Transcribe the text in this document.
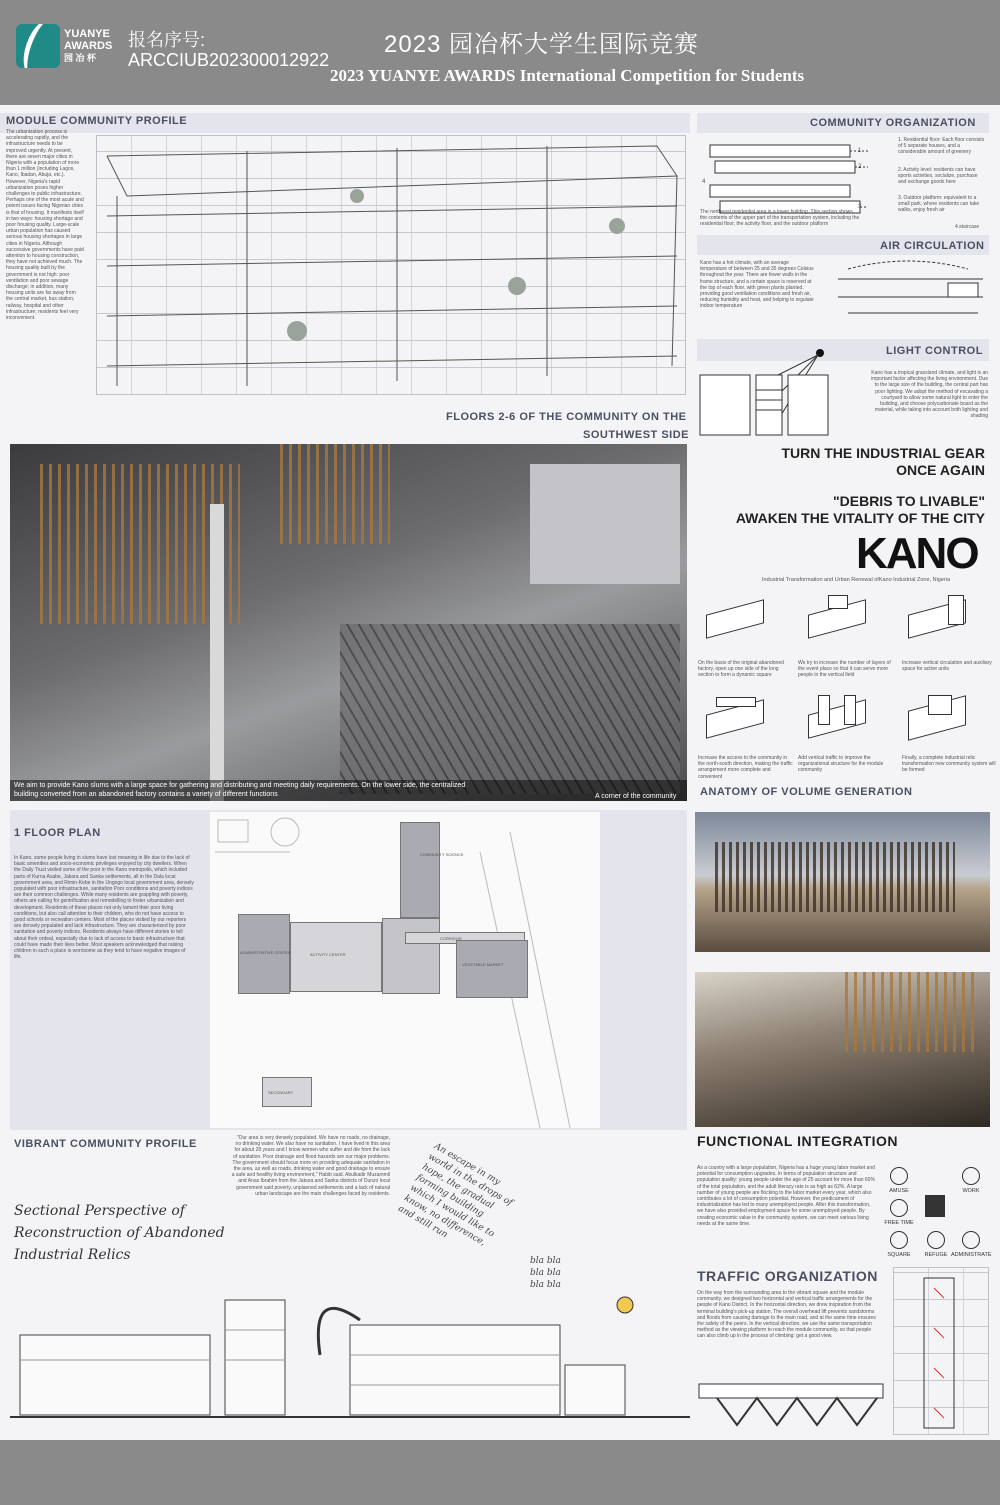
YUANYE
AWARDS
园 冶 杯
报名序号:
ARCCIUB202300012922
2023 园冶杯大学生国际竞赛
2023 YUANYE AWARDS International Competition for Students
MODULE COMMUNITY PROFILE
The urbanization process is accelerating rapidly, and the infrastructure needs to be improved urgently. At present, there are seven major cities in Nigeria with a population of more than 1 million (including Lagos, Kano, Ibadan, Abuja, etc.). However, Nigeria's rapid urbanization poses higher challenges to public infrastructure. Perhaps one of the most acute and potent issues facing Nigerian cities is that of housing. It manifests itself in two ways: housing shortage and poor housing quality. Large-scale urban population has caused serious housing shortages in large cities in Nigeria. Although successive governments have paid attention to housing construction, they have not achieved much. The housing quality built by the government is not high: poor ventilation and poor sewage discharge; in addition, many housing units are far away from the central market, bus station, railway, hospital and other infrastructure; residents feel very inconvenient.
FLOORS 2-6 OF THE COMMUNITY ON THE
SOUTHWEST SIDE
COMMUNITY ORGANIZATION
1
2
3
4
1. Residential floor: Each floor consists of 5 separate houses, and a considerable amount of greenery
2. Activity level: residents can have sports activities, socialize, purchase and exchange goods here
3. Outdoor platform: equivalent to a small park, where residents can take walks, enjoy fresh air
4.staircase
The northeast residential area is a tower building. This section shows the contents of the upper part of the transportation system, including the residential floor, the activity floor, and the outdoor platform
AIR CIRCULATION
Kano has a hot climate, with an average temperature of between 25 and 35 degrees Celsius throughout the year. There are fewer walls in the frame structure, and a certain space is reserved at the top of each floor, with green plants planted, providing good ventilation conditions and fresh air, reducing humidity and heat, and helping to regulate indoor temperature
LIGHT CONTROL
Kano has a tropical grassland climate, and light is an important factor affecting the living environment. Due to the large size of the building, the central part has poor lighting. We adopt the method of excavating a courtyard to allow some natural light to enter the building, and choose polycarbonate board as the material, while taking into account both lighting and shading
We aim to provide Kano slums with a large space for gathering and distributing and meeting daily requirements. On the lower side, the centralized building converted from an abandoned factory contains a variety of different functions	A corner of the community
TURN THE INDUSTRIAL GEAR
ONCE AGAIN
"DEBRIS TO LIVABLE"
AWAKEN THE VITALITY OF THE CITY
KANO
Industrial Transformation and Urban Renewal ofKano Industrial Zone, Nigeria
On the basis of the original abandoned factory, open up one side of the long section to form a dynamic square
We try to increase the number of layers of the event place so that it can serve more people in the vertical field
Increase vertical circulation and auxiliary space for active units
Increase the access to the community in the north-south direction, making the traffic arrangement more complete and convenient
Add vertical traffic to improve the organizational structure for the module community
Finally, a complete industrial relic transformation new community system will be formed
ANATOMY OF VOLUME GENERATION
1 FLOOR PLAN
In Kano, some people living in slums have lost meaning in life due to the lack of basic amenities and socio-economic privileges enjoyed by city dwellers. When the Daily Trust visited some of the poor in the Kano metropolis, which included parts of Kurna Asabe, Jakara and Sanka settlements, all in the Dala local government area, and Rimin-Kebe in the Ungogo local government area, densely populated with poor infrastructure, sanitation Poor conditions and poverty indices are their common challenges. While many residents are grappling with poverty, others are calling for gentrification and remodelling to foster urbanization and development. Residents of these places not only lament their poor living conditions, but also call attention to their children, who do not have access to good schools or recreation centers. Most of the places visited by our reporters are densely populated and lack infrastructure. They are characterized by poor sanitation and poverty indices. Residents always have different stories to tell about their ordeal, especially due to lack of access to basic infrastructure that could have made their lives better. Most speakers acknowledged that raising children in such a place is worrisome as they tend to have negative images of life.
COMMUNITY SCIENCE
ADMINISTRATIVE CENTER	ACTIVITY CENTER
CORRIDOR
VEGETABLE MARKET
SECONDARY
VIBRANT COMMUNITY PROFILE	"Our area is very densely populated. We have no roads, no drainage, no drinking water. We also have no sanitation. I have lived in this area for about 28 years and I know women who suffer and die from the lack of sanitation. Poor drainage and flood hazards are our major problems. The government should focus more on providing adequate sanitation in the area, as well as roads, drinking water and good drainage to ensure a safe and healthy living environment," Habib said. Abulkadir Muzammil and Anas Ibrahim from the Jakara and Sanka districts of Dunzo local government said poverty, unplanned settlements and a lack of natural urban landscape are the main challenges faced by residents.
Sectional Perspective of Reconstruction of Abandoned Industrial Relics
An escape in my world in the drops of hope, the gradual forming building which I would like to know, no difference, and still run
bla bla bla bla bla bla
FUNCTIONAL INTEGRATION
As a country with a large population, Nigeria has a huge young labor market and potential for consumption upgrades. In terms of population structure and population quality: young people under the age of 25 account for more than 60% of the total population, and the adult literacy rate is as high as 62%. A large number of young people are flocking to the labor market every year, which also contributes a lot of consumption potential. However, the predicament of industrialization has led to many unemployed people. After this transformation, we have also provided employment space for some unemployed people. By creating economic value in the community system, we can meet various living needs at the same time.
AMUSE	WORK
FREE TIME
SQUARE	REFUGE ADMINISTRATE
TRAFFIC ORGANIZATION
On the way from the surrounding area to the vibrant square and the module community, we designed two horizontal and vertical traffic arrangements for the people of Kano District. In the horizontal direction, we drew inspiration from the terminal building's pick-up station. The overall overhead lift prevents sandstorms and floods from causing damage to the main road, and at the same time ensures the safety of the peers. In the vertical direction, we use the same transportation method as the viewing platform to reach the module community, so that people can also climb up in the process of climbing: get a good view.
